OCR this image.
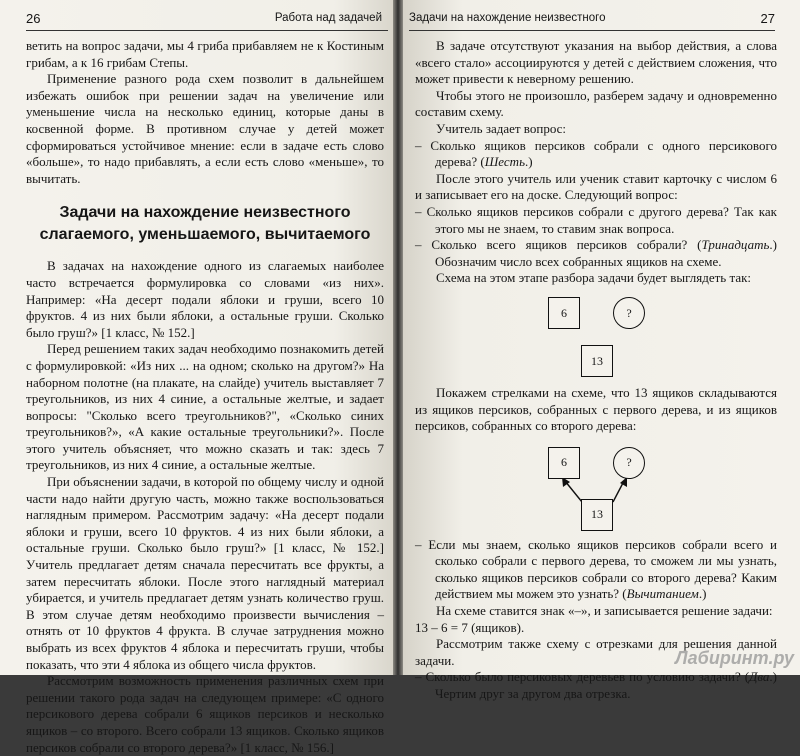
26	Работа над задачей

ветить на вопрос задачи, мы 4 гриба прибавляем не к Костиным грибам, а к 16 грибам Степы.

Применение разного рода схем позволит в дальнейшем избежать ошибок при решении задач на увеличение или уменьшение числа на несколько единиц, которые даны в косвенной форме. В противном случае у детей может сформироваться устойчивое мнение: если в задаче есть слово «больше», то надо прибавлять, а если есть слово «меньше», то вычитать.

Задачи на нахождение неизвестного слагаемого, уменьшаемого, вычитаемого

В задачах на нахождение одного из слагаемых наиболее часто встречается формулировка со словами «из них». Например: «На десерт подали яблоки и груши, всего 10 фруктов. 4 из них были яблоки, а остальные груши. Сколько было груш?» [1 класс, № 152.]

Перед решением таких задач необходимо познакомить детей с формулировкой: «Из них ... на одном; сколько на другом?» На наборном полотне (на плакате, на слайде) учитель выставляет 7 треугольников, из них 4 синие, а остальные желтые, и задает вопросы: "Сколько всего треугольников?", «Сколько синих треугольников?», «А какие остальные треугольники?». После этого учитель объясняет, что можно сказать и так: здесь 7 треугольников, из них 4 синие, а остальные желтые.

При объяснении задачи, в которой по общему числу и одной части надо найти другую часть, можно также воспользоваться наглядным примером. Рассмотрим задачу: «На десерт подали яблоки и груши, всего 10 фруктов. 4 из них были яблоки, а остальные груши. Сколько было груш?» [1 класс, № 152.] Учитель предлагает детям сначала пересчитать все фрукты, а затем пересчитать яблоки. После этого наглядный материал убирается, и учитель предлагает детям узнать количество груш. В этом случае детям необходимо произвести вычисления – отнять от 10 фруктов 4 фрукта. В случае затруднения можно выбрать из всех фруктов 4 яблока и пересчитать груши, чтобы показать, что эти 4 яблока из общего числа фруктов.

Рассмотрим возможность применения различных схем при решении такого рода задач на следующем примере: «С одного персикового дерева собрали 6 ящиков персиков и несколько ящиков – со второго. Всего собрали 13 ящиков. Сколько ящиков персиков собрали со второго дерева?» [1 класс, № 156.]

Задачи на нахождение неизвестного	27

В задаче отсутствуют указания на выбор действия, а слова «всего стало» ассоциируются у детей с действием сложения, что может привести к неверному решению.

Чтобы этого не произошло, разберем задачу и одновременно составим схему.

Учитель задает вопрос:

– Сколько ящиков персиков собрали с одного персикового дерева? (Шесть.)

После этого учитель или ученик ставит карточку с числом 6 и записывает его на доске. Следующий вопрос:

– Сколько ящиков персиков собрали с другого дерева? Так как этого мы не знаем, то ставим знак вопроса.

– Сколько всего ящиков персиков собрали? (Тринадцать.) Обозначим число всех собранных ящиков на схеме.

Схема на этом этапе разбора задачи будет выглядеть так:

6	?
13

Покажем стрелками на схеме, что 13 ящиков складываются из ящиков персиков, собранных с первого дерева, и из ящиков персиков, собранных со второго дерева:

6	?
13

– Если мы знаем, сколько ящиков персиков собрали всего и сколько собрали с первого дерева, то сможем ли мы узнать, сколько ящиков персиков собрали со второго дерева? Каким действием мы можем это узнать? (Вычитанием.)

На схеме ставится знак «–», и записывается решение задачи:

13 – 6 = 7 (ящиков).

Рассмотрим также схему с отрезками для решения данной задачи.

– Сколько было персиковых деревьев по условию задачи? (Два.) Чертим друг за другом два отрезка.

Лабиринт.ру
